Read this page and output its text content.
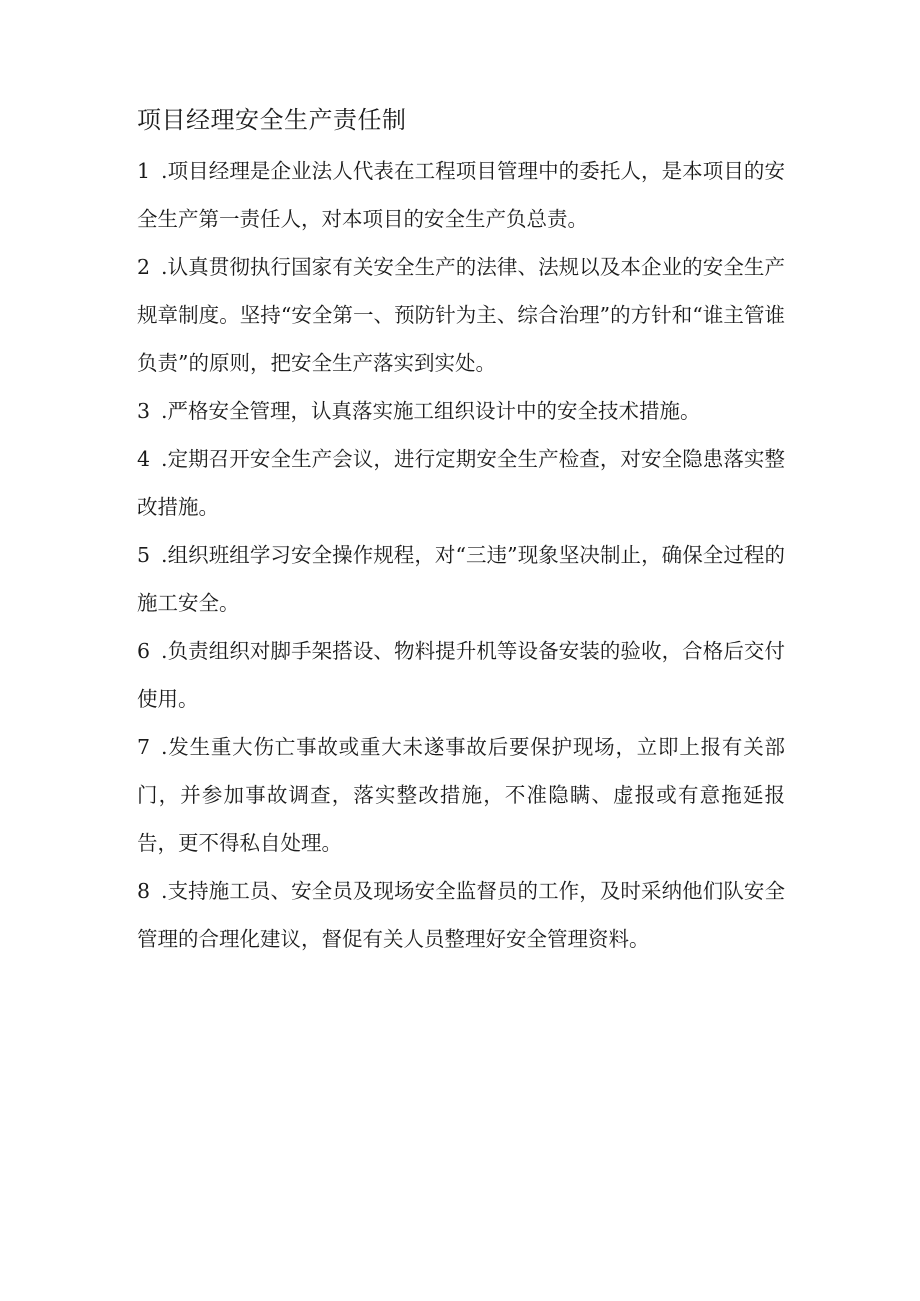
项目经理安全生产责任制

1 .项目经理是企业法人代表在工程项目管理中的委托人，是本项目的安全生产第一责任人，对本项目的安全生产负总责。

2 .认真贯彻执行国家有关安全生产的法律、法规以及本企业的安全生产规章制度。坚持“安全第一、预防针为主、综合治理”的方针和“谁主管谁负责”的原则，把安全生产落实到实处。

3 .严格安全管理，认真落实施工组织设计中的安全技术措施。

4 .定期召开安全生产会议，进行定期安全生产检查，对安全隐患落实整改措施。

5 .组织班组学习安全操作规程，对“三违”现象坚决制止，确保全过程的施工安全。

6 .负责组织对脚手架搭设、物料提升机等设备安装的验收，合格后交付使用。

7 .发生重大伤亡事故或重大未遂事故后要保护现场，立即上报有关部门，并参加事故调查，落实整改措施，不准隐瞒、虚报或有意拖延报告，更不得私自处理。

8 .支持施工员、安全员及现场安全监督员的工作，及时采纳他们队安全管理的合理化建议，督促有关人员整理好安全管理资料。
